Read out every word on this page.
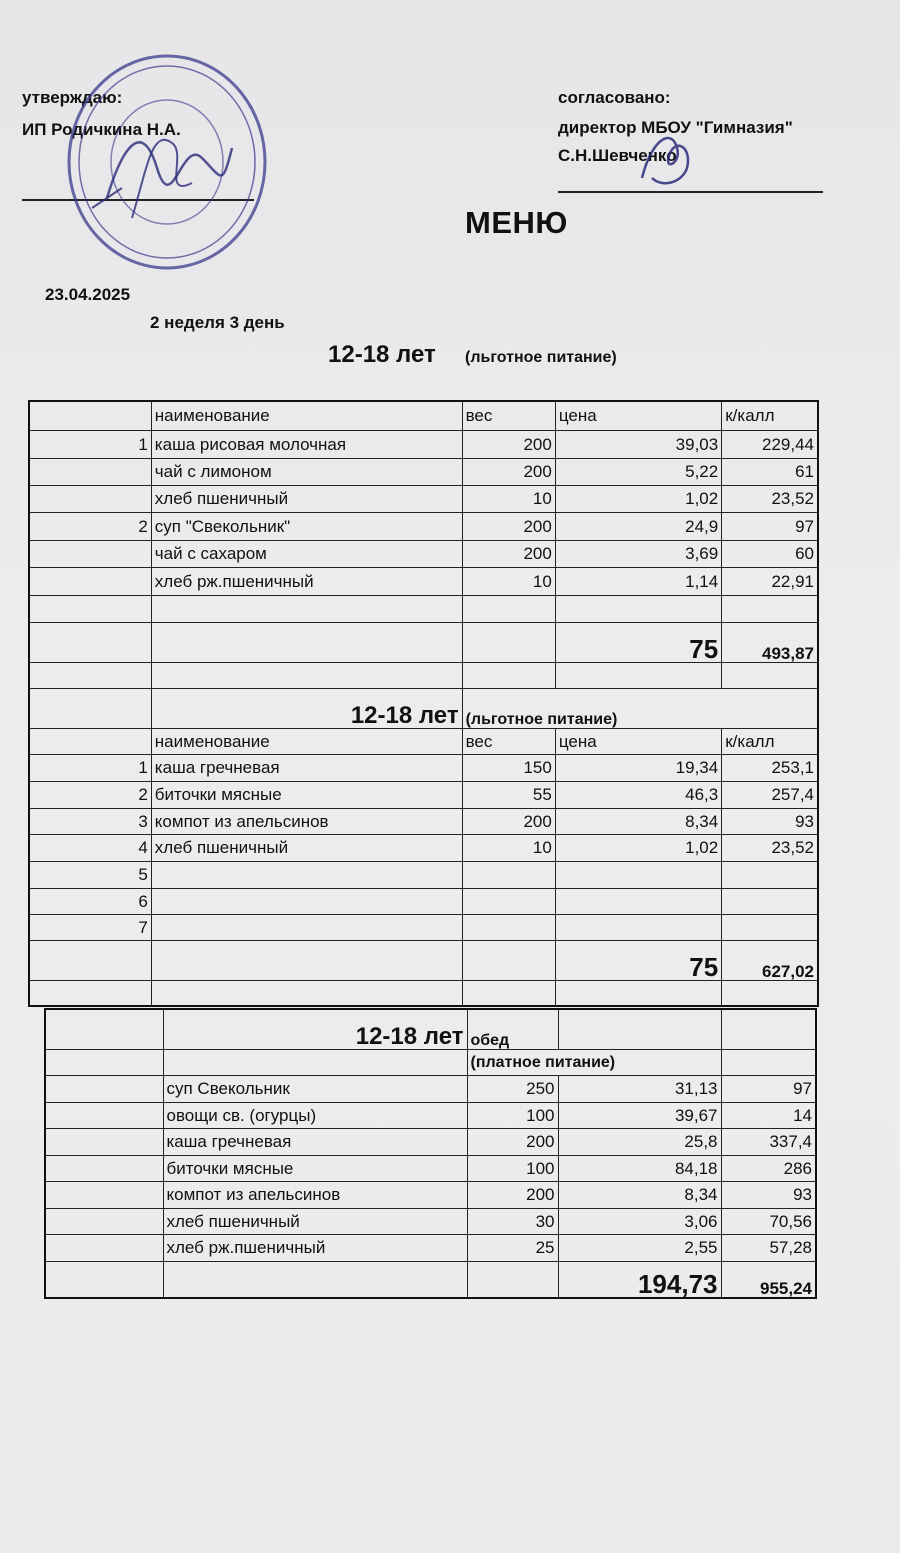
утверждаю:
ИП Родичкина Н.А.
согласовано:
директор МБОУ "Гимназия"
С.Н.Шевченко
МЕНЮ
23.04.2025
2 неделя 3 день
12-18 лет (льготное питание)
	наименование	вес	цена	к/калл
1	каша рисовая молочная	200	39,03	229,44
	чай с лимоном	200	5,22	61
	хлеб пшеничный	10	1,02	23,52
2	суп "Свекольник"	200	24,9	97
	чай с сахаром	200	3,69	60
	хлеб рж.пшеничный	10	1,14	22,91

			75	493,87

	12-18 лет	(льготное питание)		
	наименование	вес	цена	к/калл
1	каша гречневая	150	19,34	253,1
2	биточки мясные	55	46,3	257,4
3	компот из апельсинов	200	8,34	93
4	хлеб пшеничный	10	1,02	23,52
5				
6				
7				
			75	627,02

	12-18 лет	обед		
		(платное питание)		
	суп Свекольник	250	31,13	97
	овощи св. (огурцы)	100	39,67	14
	каша гречневая	200	25,8	337,4
	биточки мясные	100	84,18	286
	компот из апельсинов	200	8,34	93
	хлеб пшеничный	30	3,06	70,56
	хлеб рж.пшеничный	25	2,55	57,28
			194,73	955,24
